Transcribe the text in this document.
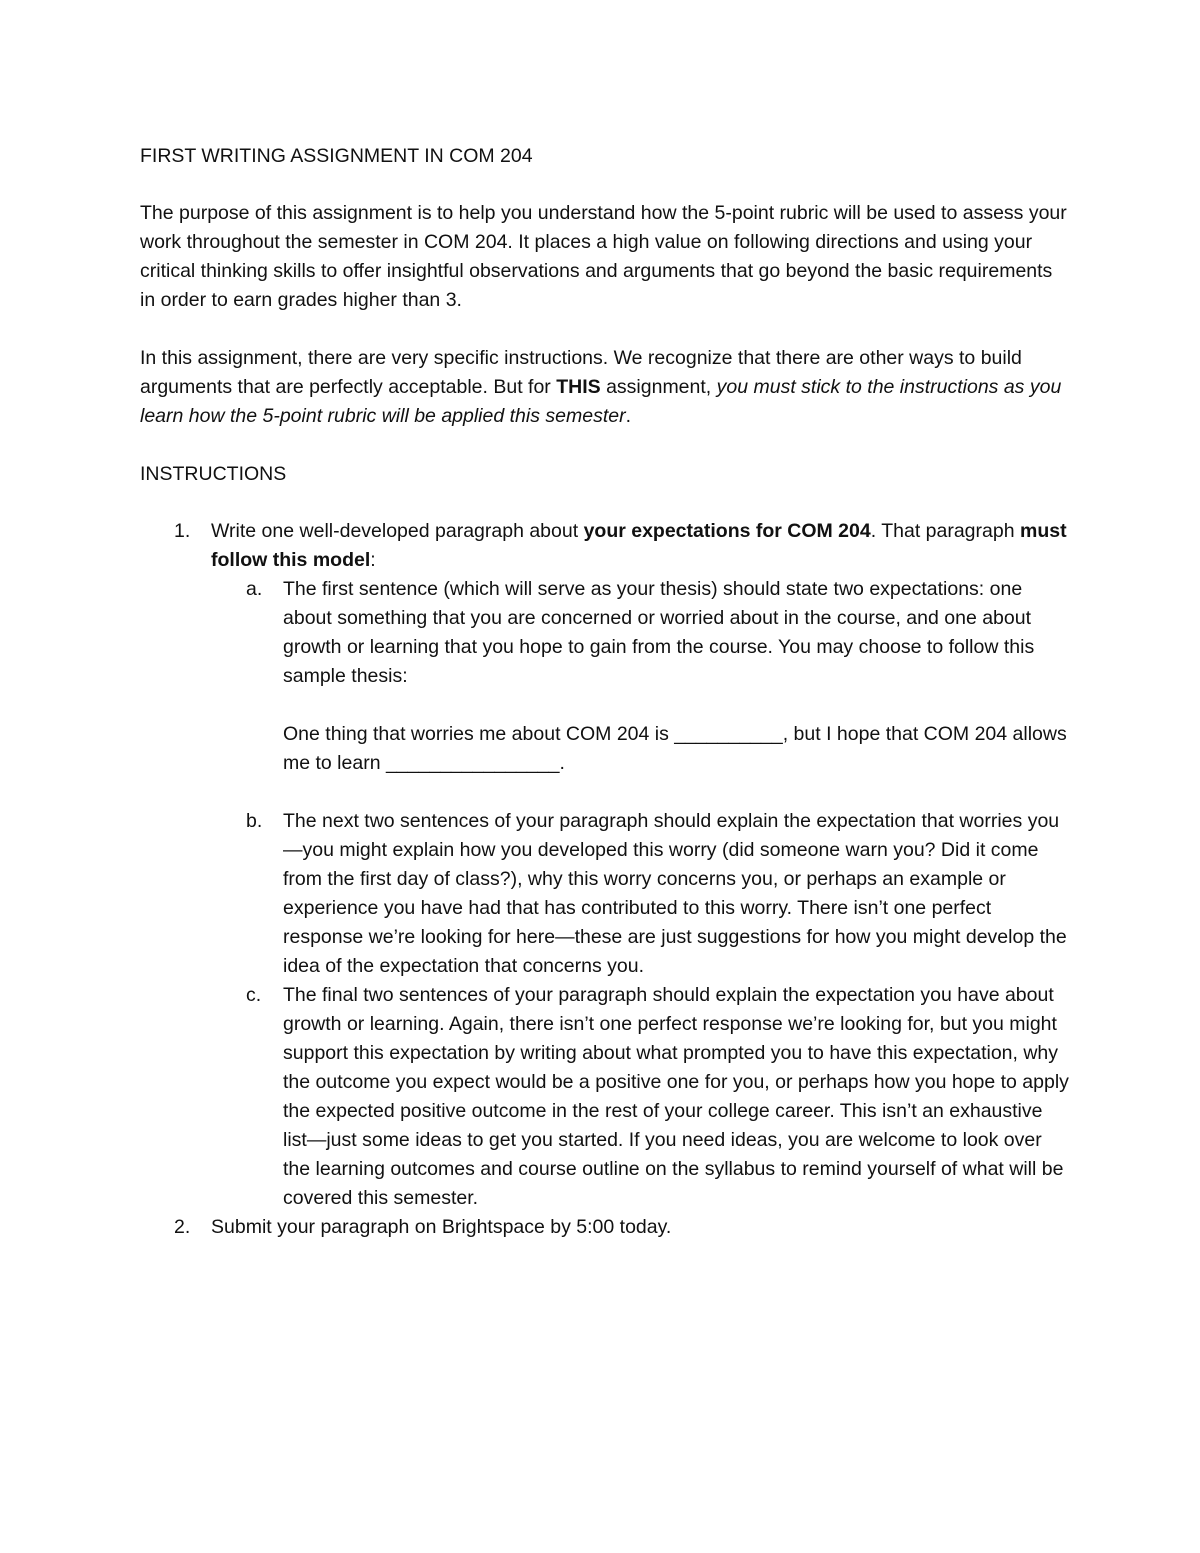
FIRST WRITING ASSIGNMENT IN COM 204

The purpose of this assignment is to help you understand how the 5-point rubric will be used to assess your work throughout the semester in COM 204. It places a high value on following directions and using your critical thinking skills to offer insightful observations and arguments that go beyond the basic requirements in order to earn grades higher than 3.

In this assignment, there are very specific instructions. We recognize that there are other ways to build arguments that are perfectly acceptable. But for THIS assignment, you must stick to the instructions as you learn how the 5-point rubric will be applied this semester.

INSTRUCTIONS
1. Write one well-developed paragraph about your expectations for COM 204. That paragraph must follow this model:
a. The first sentence (which will serve as your thesis) should state two expectations: one about something that you are concerned or worried about in the course, and one about growth or learning that you hope to gain from the course. You may choose to follow this sample thesis:
One thing that worries me about COM 204 is __________, but I hope that COM 204 allows me to learn ________________.
b. The next two sentences of your paragraph should explain the expectation that worries you—you might explain how you developed this worry (did someone warn you? Did it come from the first day of class?), why this worry concerns you, or perhaps an example or experience you have had that has contributed to this worry. There isn’t one perfect response we’re looking for here—these are just suggestions for how you might develop the idea of the expectation that concerns you.
c. The final two sentences of your paragraph should explain the expectation you have about growth or learning. Again, there isn’t one perfect response we’re looking for, but you might support this expectation by writing about what prompted you to have this expectation, why the outcome you expect would be a positive one for you, or perhaps how you hope to apply the expected positive outcome in the rest of your college career. This isn’t an exhaustive list—just some ideas to get you started. If you need ideas, you are welcome to look over the learning outcomes and course outline on the syllabus to remind yourself of what will be covered this semester.
2. Submit your paragraph on Brightspace by 5:00 today.
